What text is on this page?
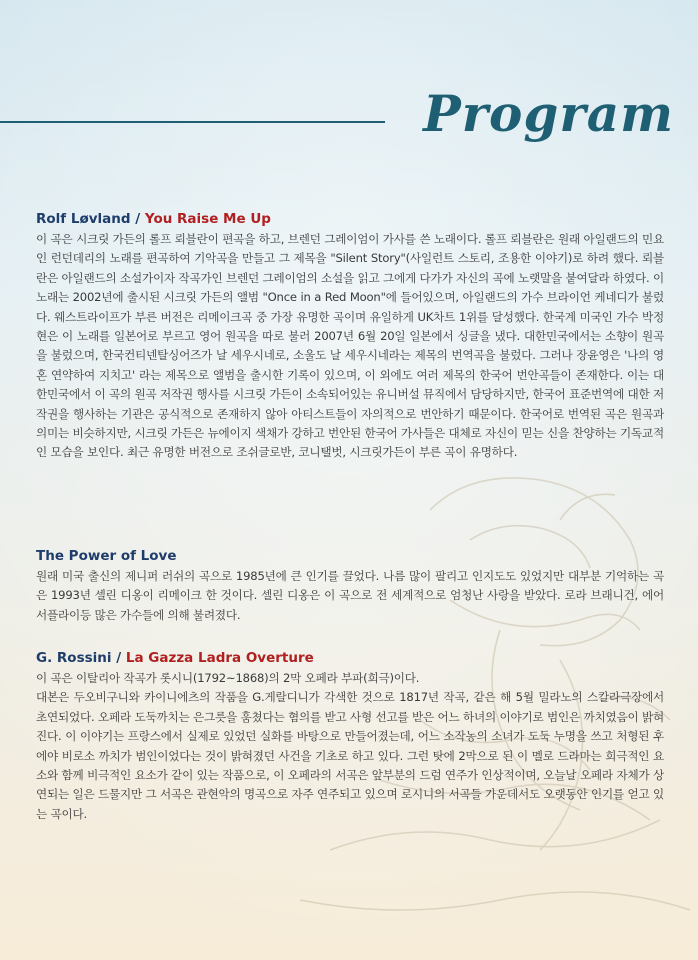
Program
Rolf Løvland / You Raise Me Up

이 곡은 시크릿 가든의 롤프 뢰블란이 편곡을 하고, 브렌던 그레이엄이 가사를 쓴 노래이다. 롤프 뢰블란은 원래 아일랜드의 민요인 런던데리의 노래를 편곡하여 기악곡을 만들고 그 제목을 "Silent Story"(사일런트 스토리, 조용한 이야기)로 하려 했다. 뢰블란은 아일랜드의 소설가이자 작곡가인 브렌던 그레이엄의 소설을 읽고 그에게 다가가 자신의 곡에 노랫말을 붙여달라 하였다. 이 노래는 2002년에 출시된 시크릿 가든의 앨범 "Once in a Red Moon"에 들어있으며, 아일랜드의 가수 브라이언 케네디가 불렀다. 웨스트라이프가 부른 버전은 리메이크곡 중 가장 유명한 곡이며 유일하게 UK차트 1위를 달성했다. 한국계 미국인 가수 박정현은 이 노래를 일본어로 부르고 영어 원곡을 따로 불러 2007년 6월 20일 일본에서 싱글을 냈다. 대한민국에서는 소향이 원곡을 불렀으며, 한국컨티넨탈싱어즈가 날 세우시네로, 소울도 날 세우시네라는 제목의 번역곡을 불렀다. 그러나 장윤영은 '나의 영혼 연약하여 지치고' 라는 제목으로 앨범을 출시한 기록이 있으며, 이 외에도 여러 제목의 한국어 번안곡들이 존재한다. 이는 대한민국에서 이 곡의 원곡 저작권 행사를 시크릿 가든이 소속되어있는 유니버설 뮤직에서 담당하지만, 한국어 표준번역에 대한 저작권을 행사하는 기관은 공식적으로 존재하지 않아 아티스트들이 자의적으로 번안하기 때문이다. 한국어로 번역된 곡은 원곡과 의미는 비슷하지만, 시크릿 가든은 뉴에이지 색채가 강하고 번안된 한국어 가사들은 대체로 자신이 믿는 신을 찬양하는 기독교적인 모습을 보인다. 최근 유명한 버전으로 조쉬글로반, 코니탤벗, 시크릿가든이 부른 곡이 유명하다.

The Power of Love

원래 미국 출신의 제니퍼 러쉬의 곡으로 1985년에 큰 인기를 끌었다. 나름 많이 팔리고 인지도도 있었지만 대부분 기억하는 곡은 1993년 셀린 디옹이 리메이크 한 것이다. 셀린 디옹은 이 곡으로 전 세계적으로 엄청난 사랑을 받았다. 로라 브래니건, 에어 서플라이등 많은 가수들에 의해 불려졌다.

G. Rossini / La Gazza Ladra Overture

이 곡은 이탈리아 작곡가 롯시니(1792~1868)의 2막 오페라 부파(희극)이다.

대본은 두오비구니와 카이니에츠의 작품을 G.게랄디니가 각색한 것으로 1817년 작곡, 같은 해 5월 밀라노의 스칼라극장에서 초연되었다. 오페라 도둑까치는 은그릇을 훔쳤다는 혐의를 받고 사형 선고를 받은 어느 하녀의 이야기로 범인은 까치였음이 밝혀진다. 이 이야기는 프랑스에서 실제로 있었던 실화를 바탕으로 만들어졌는데, 어느 소작농의 소녀가 도둑 누명을 쓰고 처형된 후에야 비로소 까치가 범인이었다는 것이 밝혀졌던 사건을 기초로 하고 있다. 그런 탓에 2막으로 된 이 멜로 드라마는 희극적인 요소와 함께 비극적인 요소가 같이 있는 작품으로, 이 오페라의 서곡은 앞부분의 드럼 연주가 인상적이며, 오늘날 오페라 자체가 상연되는 일은 드물지만 그 서곡은 관현악의 명곡으로 자주 연주되고 있으며 로시니의 서곡들 가운데서도 오랫동안 인기를 얻고 있는 곡이다.
